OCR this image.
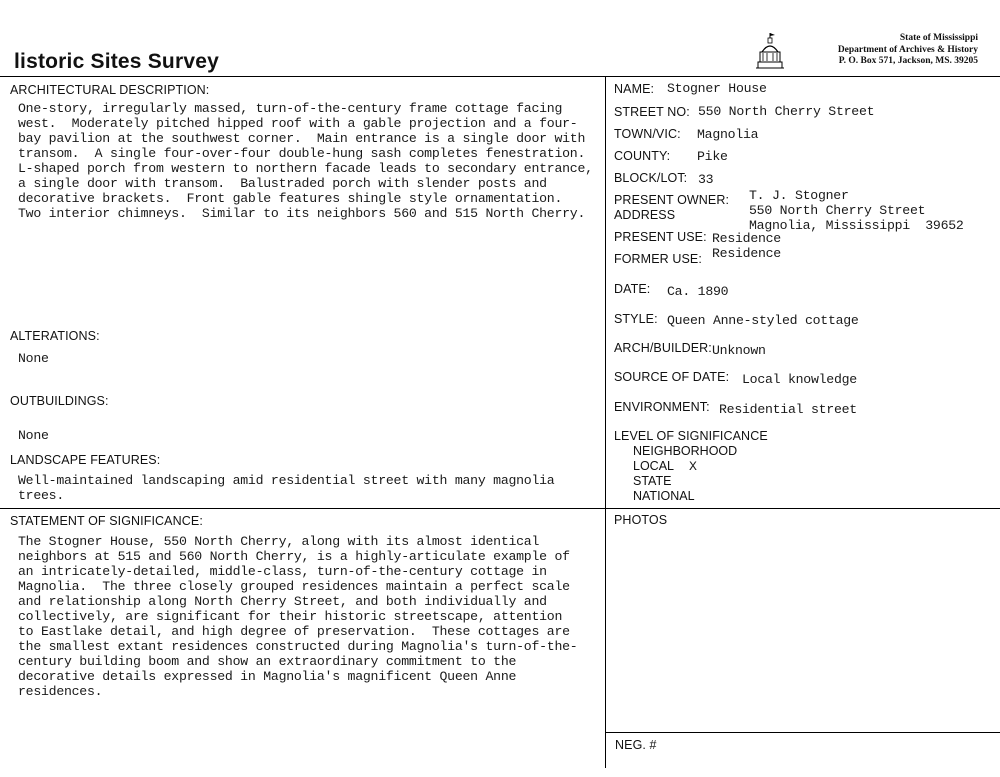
listoric Sites Survey
State of Mississippi
Department of Archives & History
P. O. Box 571, Jackson, MS. 39205
ARCHITECTURAL DESCRIPTION:
One-story, irregularly massed, turn-of-the-century frame cottage facing
west.  Moderately pitched hipped roof with a gable projection and a four-
bay pavilion at the southwest corner.  Main entrance is a single door with
transom.  A single four-over-four double-hung sash completes fenestration.
L-shaped porch from western to northern facade leads to secondary entrance,
a single door with transom.  Balustraded porch with slender posts and
decorative brackets.  Front gable features shingle style ornamentation.
Two interior chimneys.  Similar to its neighbors 560 and 515 North Cherry.
ALTERATIONS:
None
OUTBUILDINGS:
None
LANDSCAPE FEATURES:
Well-maintained landscaping amid residential street with many magnolia
trees.
STATEMENT OF SIGNIFICANCE:
The Stogner House, 550 North Cherry, along with its almost identical
neighbors at 515 and 560 North Cherry, is a highly-articulate example of
an intricately-detailed, middle-class, turn-of-the-century cottage in
Magnolia.  The three closely grouped residences maintain a perfect scale
and relationship along North Cherry Street, and both individually and
collectively, are significant for their historic streetscape, attention
to Eastlake detail, and high degree of preservation.  These cottages are
the smallest extant residences constructed during Magnolia's turn-of-the-
century building boom and show an extraordinary commitment to the
decorative details expressed in Magnolia's magnificent Queen Anne
residences.
NAME: Stogner House
STREET NO: 550 North Cherry Street
TOWN/VIC: Magnolia
COUNTY: Pike
BLOCK/LOT: 33
PRESENT OWNER:
ADDRESS
T. J. Stogner
550 North Cherry Street
Magnolia, Mississippi  39652
PRESENT USE: Residence
FORMER USE: Residence
DATE: Ca. 1890
STYLE: Queen Anne-styled cottage
ARCH/BUILDER: Unknown
SOURCE OF DATE: Local knowledge
ENVIRONMENT: Residential street
LEVEL OF SIGNIFICANCE
NEIGHBORHOOD
LOCAL
STATE
NATIONAL
X
PHOTOS
NEG. #
